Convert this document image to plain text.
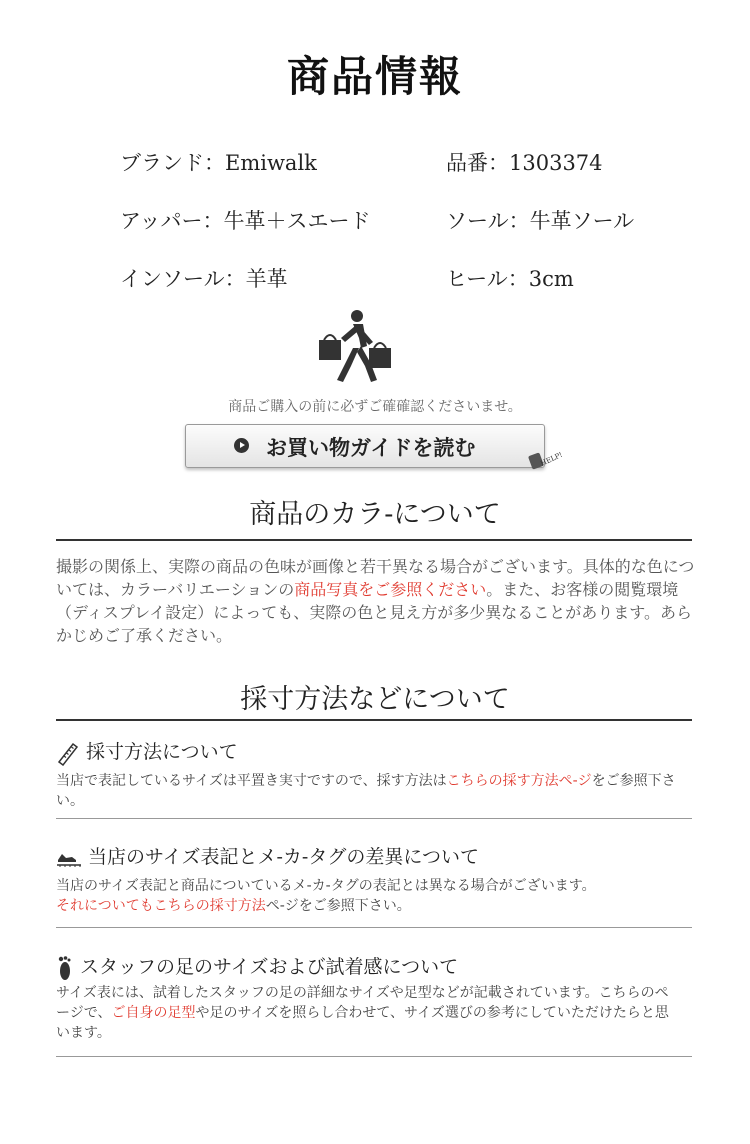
商品情報
ブランド：Emiwalk	品番：1303374
アッパー：牛革＋スエード	ソール：牛革ソール
インソール：羊革	ヒール：3cm
商品ご購入の前に必ずご確確認くださいませ。
お買い物ガイドを読む	HELP!
商品のカラ-について
撮影の関係上、実際の商品の色味が画像と若干異なる場合がございます。具体的な色については、カラーバリエーションの商品写真をご参照ください。また、お客様の閲覧環境（ディスプレイ設定）によっても、実際の色と見え方が多少異なることがあります。あらかじめご了承ください。
採寸方法などについて
採寸方法について
当店で表記しているサイズは平置き実寸ですので、採す方法はこちらの採す方法ペ-ジをご参照下さい。
当店のサイズ表記とメ-カ-タグの差異について
当店のサイズ表記と商品についているメ-カ-タグの表記とは異なる場合がございます。
それについてもこちらの採寸方法ペ-ジをご参照下さい。
スタッフの足のサイズおよび試着感について
サイズ表には、試着したスタッフの足の詳細なサイズや足型などが記載されています。こちらのページで、ご自身の足型や足のサイズを照らし合わせて、サイズ選びの参考にしていただけたらと思います。
